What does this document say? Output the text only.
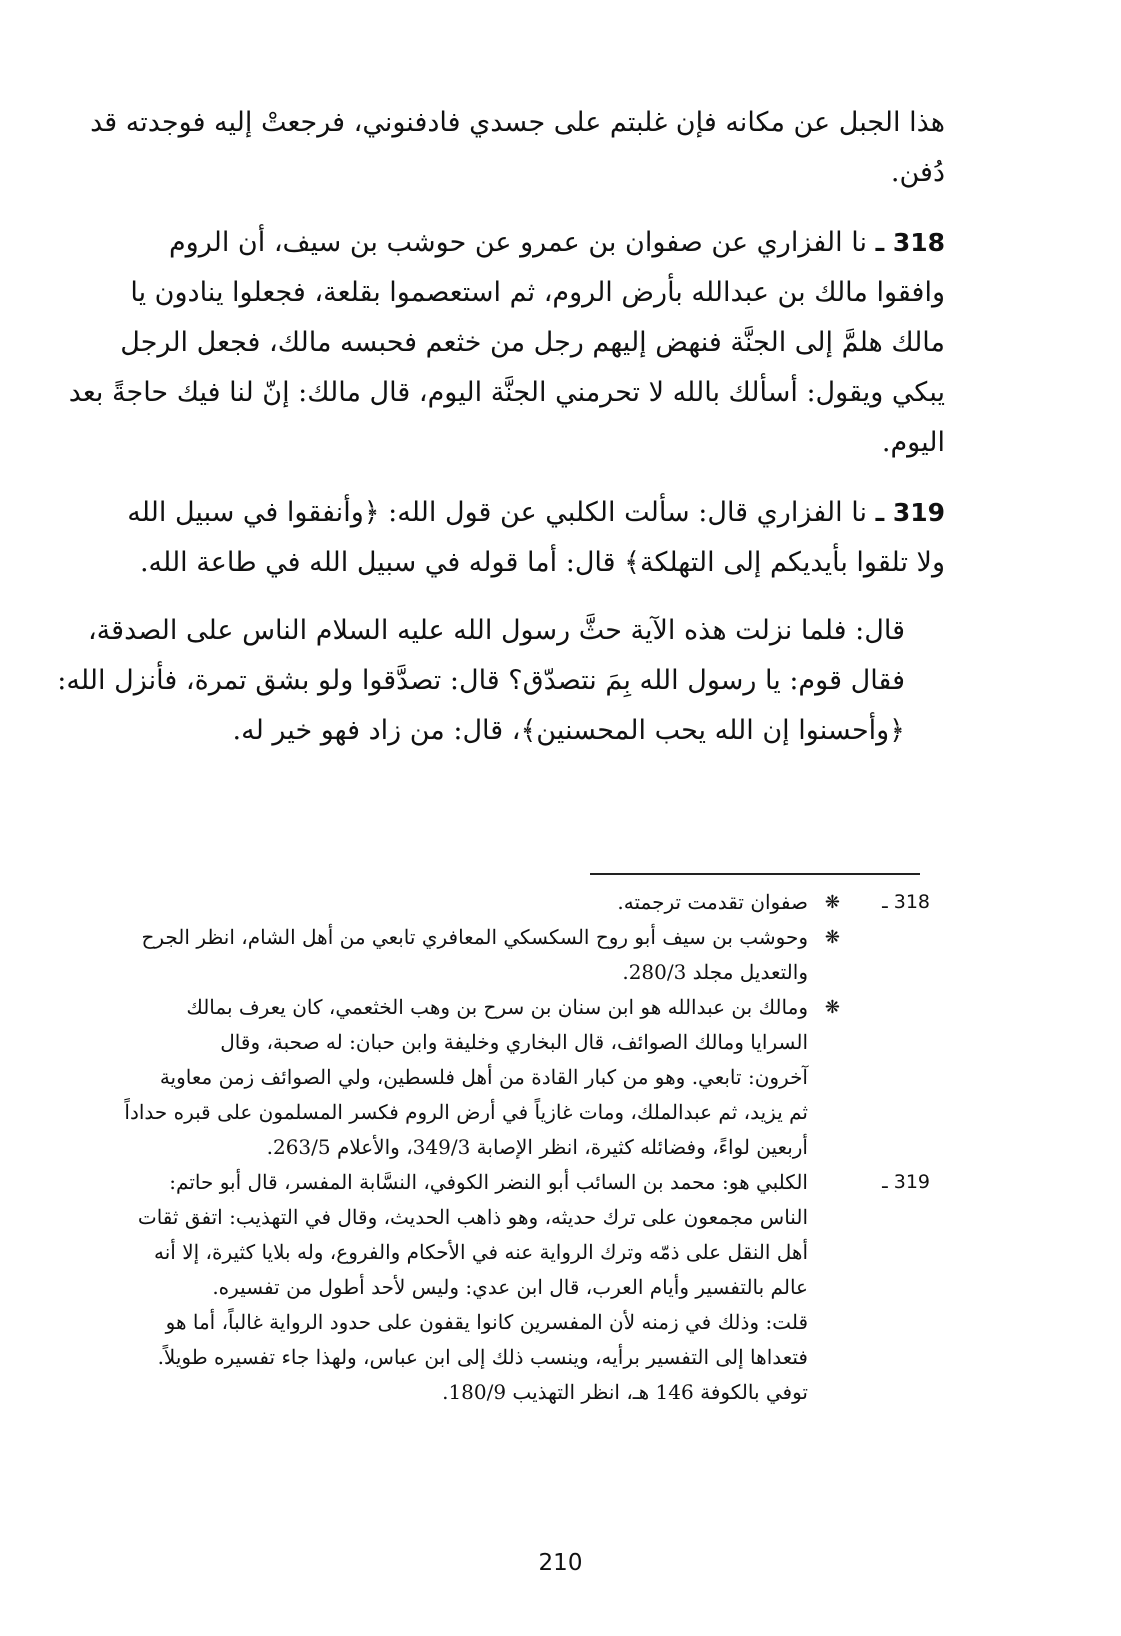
هذا الجبل عن مكانه فإن غلبتم على جسدي فادفنوني، فرجعتْ إليه فوجدته قد
دُفن.

318 ـ نا الفزاري عن صفوان بن عمرو عن حوشب بن سيف، أن الروم
وافقوا مالك بن عبدالله بأرض الروم، ثم استعصموا بقلعة، فجعلوا ينادون يا
مالك هلمَّ إلى الجنَّة فنهض إليهم رجل من خثعم فحبسه مالك، فجعل الرجل
يبكي ويقول: أسألك بالله لا تحرمني الجنَّة اليوم، قال مالك: إنّ لنا فيك حاجةً بعد
اليوم.

319 ـ نا الفزاري قال: سألت الكلبي عن قول الله: ﴿وأنفقوا في سبيل الله
ولا تلقوا بأيديكم إلى التهلكة﴾ قال: أما قوله في سبيل الله في طاعة الله.

قال: فلما نزلت هذه الآية حثَّ رسول الله عليه السلام الناس على الصدقة،
فقال قوم: يا رسول الله بِمَ نتصدّق؟ قال: تصدَّقوا ولو بشق تمرة، فأنزل الله:
﴿وأحسنوا إن الله يحب المحسنين﴾، قال: من زاد فهو خير له.

318 ـ
❋
صفوان تقدمت ترجمته.
❋
وحوشب بن سيف أبو روح السكسكي المعافري تابعي من أهل الشام، انظر الجرح
والتعديل مجلد 280/3.
❋
ومالك بن عبدالله هو ابن سنان بن سرح بن وهب الخثعمي، كان يعرف بمالك
السرايا ومالك الصوائف، قال البخاري وخليفة وابن حبان: له صحبة، وقال
آخرون: تابعي. وهو من كبار القادة من أهل فلسطين، ولي الصوائف زمن معاوية
ثم يزيد، ثم عبدالملك، ومات غازياً في أرض الروم فكسر المسلمون على قبره حداداً
أربعين لواءً، وفضائله كثيرة، انظر الإصابة 349/3، والأعلام 263/5.
319 ـ
الكلبي هو: محمد بن السائب أبو النضر الكوفي، النسَّابة المفسر، قال أبو حاتم:
الناس مجمعون على ترك حديثه، وهو ذاهب الحديث، وقال في التهذيب: اتفق ثقات
أهل النقل على ذمّه وترك الرواية عنه في الأحكام والفروع، وله بلايا كثيرة، إلا أنه
عالم بالتفسير وأيام العرب، قال ابن عدي: وليس لأحد أطول من تفسيره.
قلت: وذلك في زمنه لأن المفسرين كانوا يقفون على حدود الرواية غالباً، أما هو
فتعداها إلى التفسير برأيه، وينسب ذلك إلى ابن عباس، ولهذا جاء تفسيره طويلاً.
توفي بالكوفة 146 هـ، انظر التهذيب 180/9.
210
